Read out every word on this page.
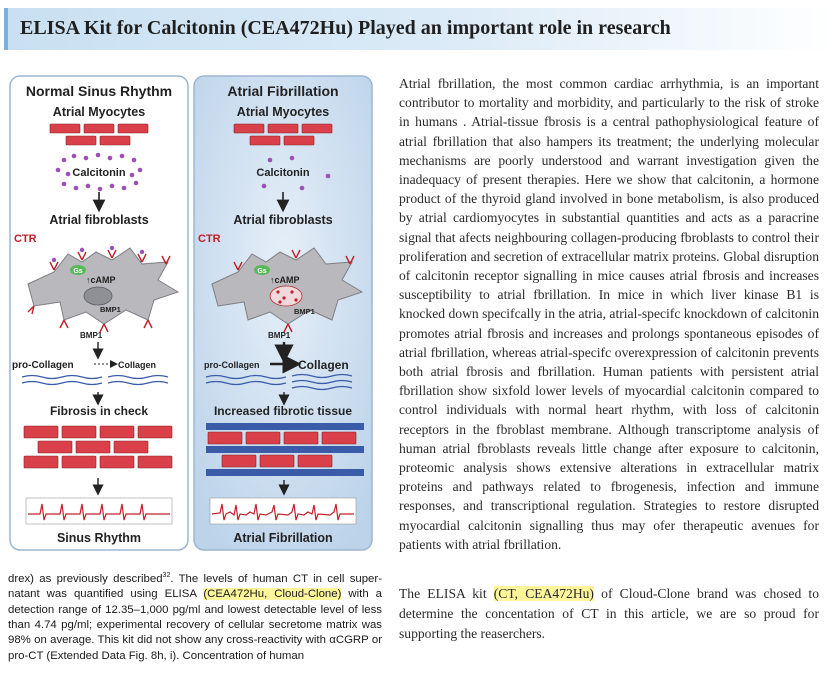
ELISA Kit for Calcitonin (CEA472Hu) Played an important role in research
Normal Sinus Rhythm
Atrial Myocytes
Calcitonin
Atrial fibroblasts
CTR
Gs
↑cAMP
BMP1
BMP1
pro-Collagen	Collagen
Fibrosis in check
Sinus Rhythm
Atrial Fibrillation
Atrial Myocytes
Calcitonin
Atrial fibroblasts
CTR
Gs
↑cAMP
BMP1
BMP1
pro-Collagen	Collagen
Increased fibrotic tissue
Atrial Fibrillation
Atrial fbrillation, the most common cardiac arrhythmia, is an important contributor to mortality and morbidity, and particularly to the risk of stroke in humans . Atrial-tissue fbrosis is a central pathophysiological feature of atrial fbrillation that also hampers its treatment; the underlying molecular mechanisms are poorly understood and warrant investigation given the inadequacy of present therapies. Here we show that calcitonin, a hormone product of the thyroid gland involved in bone metabolism, is also produced by atrial cardiomyocytes in substantial quantities and acts as a paracrine signal that afects neighbouring collagen-producing fbroblasts to control their proliferation and secretion of extracellular matrix proteins. Global disruption of calcitonin receptor signalling in mice causes atrial fbrosis and increases susceptibility to atrial fbrillation. In mice in which liver kinase B1 is knocked down specifcally in the atria, atrial-specifc knockdown of calcitonin promotes atrial fbrosis and increases and prolongs spontaneous episodes of atrial fbrillation, whereas atrial-specifc overexpression of calcitonin prevents both atrial fbrosis and fbrillation. Human patients with persistent atrial fbrillation show sixfold lower levels of myocardial calcitonin compared to control individuals with normal heart rhythm, with loss of calcitonin receptors in the fbroblast membrane. Although transcriptome analysis of human atrial fbroblasts reveals little change after exposure to calcitonin, proteomic analysis shows extensive alterations in extracellular matrix proteins and pathways related to fbrogenesis, infection and immune responses, and transcriptional regulation. Strategies to restore disrupted myocardial calcitonin signalling thus may ofer therapeutic avenues for patients with atrial fbrillation.
drex) as previously described$^{32}$. The levels of human CT in cell supernatant was quantified using ELISA (CEA472Hu, Cloud-Clone) with a detection range of 12.35–1,000 pg/ml and lowest detectable level of less than 4.74 pg/ml; experimental recovery of cellular secretome matrix was 98% on average. This kit did not show any cross-reactivity with αCGRP or pro-CT (Extended Data Fig. 8h, i). Concentration of human
The ELISA kit (CT, CEA472Hu) of Cloud-Clone brand was chosed to determine the concentation of CT in this article, we are so proud for supporting the reaserchers.
